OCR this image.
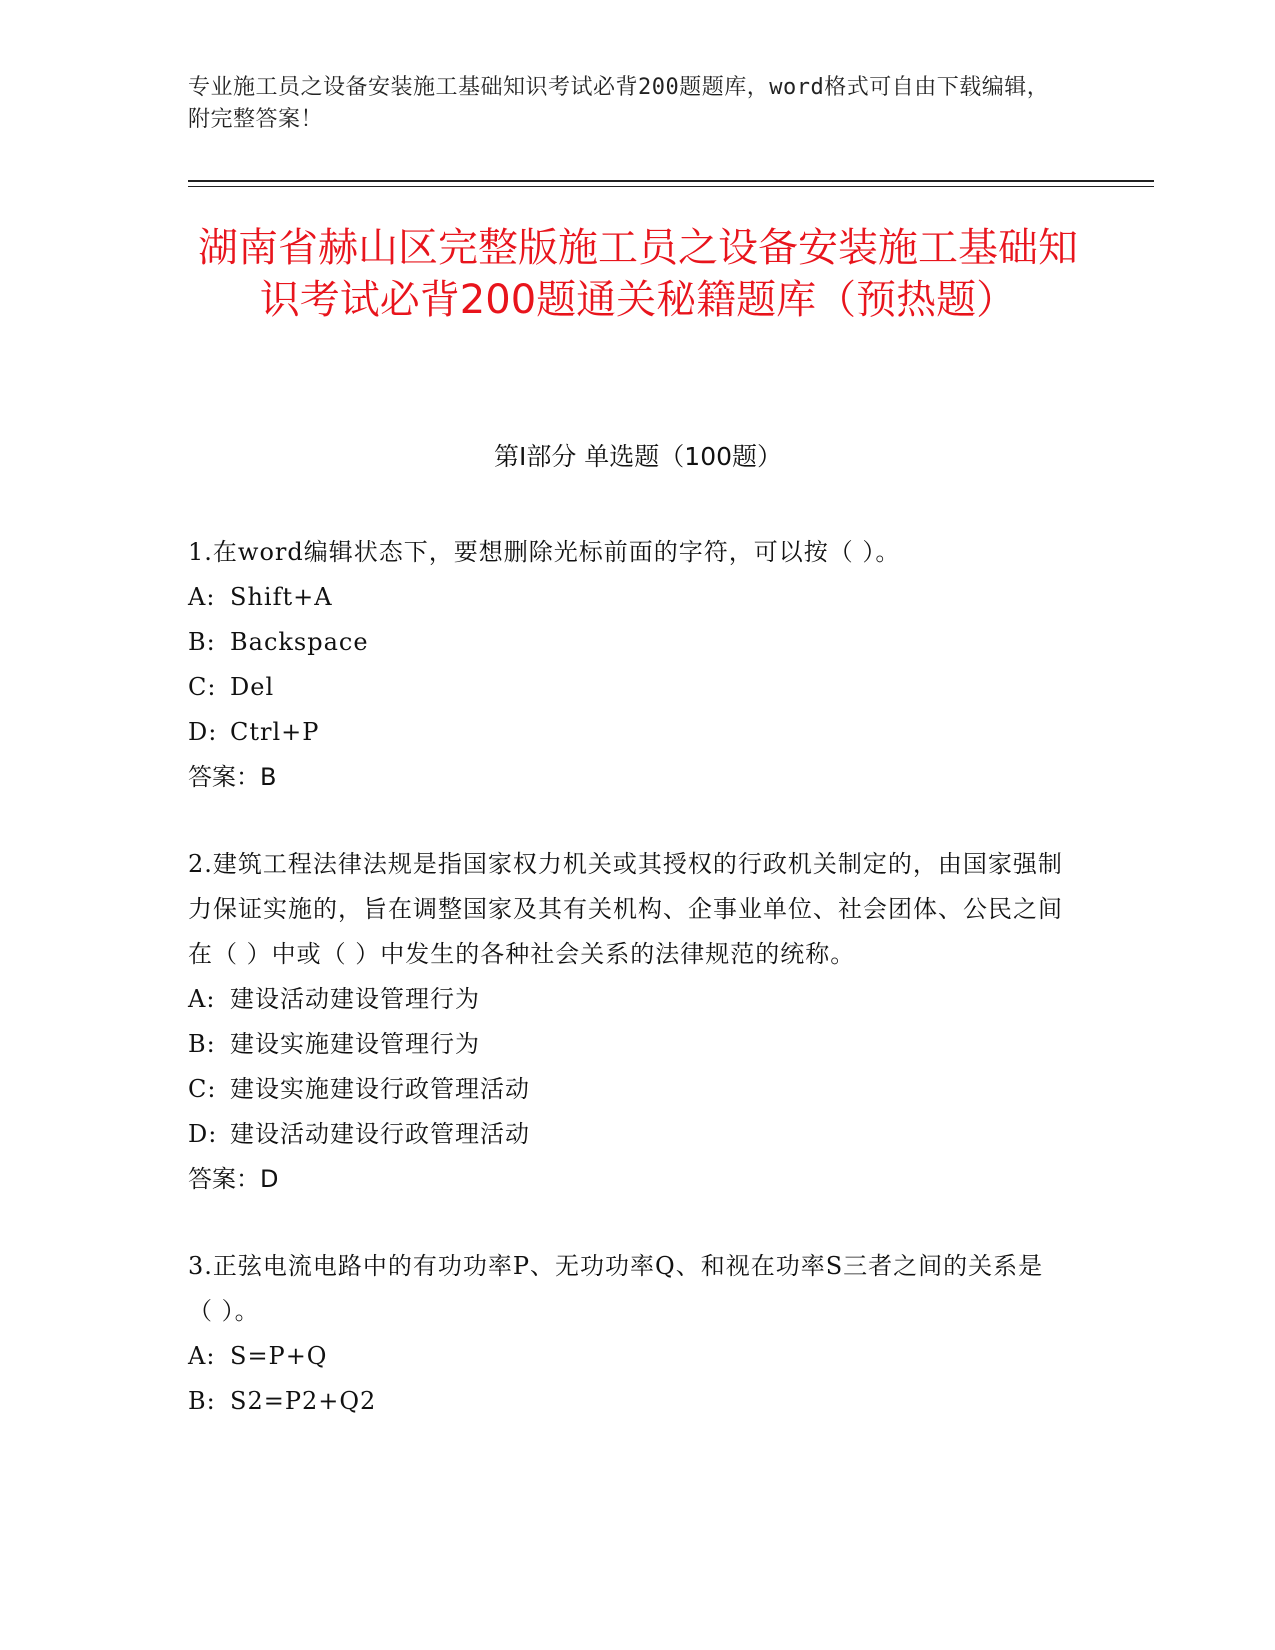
专业施工员之设备安装施工基础知识考试必背200题题库，word格式可自由下载编辑，附完整答案！
湖南省赫山区完整版施工员之设备安装施工基础知识考试必背200题通关秘籍题库（预热题）
第I部分 单选题（100题）
1.在word编辑状态下，要想删除光标前面的字符，可以按（ ）。
A: Shift+A
B: Backspace
C: Del
D: Ctrl+P
答案：B
2.建筑工程法律法规是指国家权力机关或其授权的行政机关制定的，由国家强制力保证实施的，旨在调整国家及其有关机构、企事业单位、社会团体、公民之间在（ ）中或（ ）中发生的各种社会关系的法律规范的统称。
A: 建设活动建设管理行为
B: 建设实施建设管理行为
C: 建设实施建设行政管理活动
D: 建设活动建设行政管理活动
答案：D
3.正弦电流电路中的有功功率P、无功功率Q、和视在功率S三者之间的关系是（ ）。
A: S=P+Q
B: S2=P2+Q2
